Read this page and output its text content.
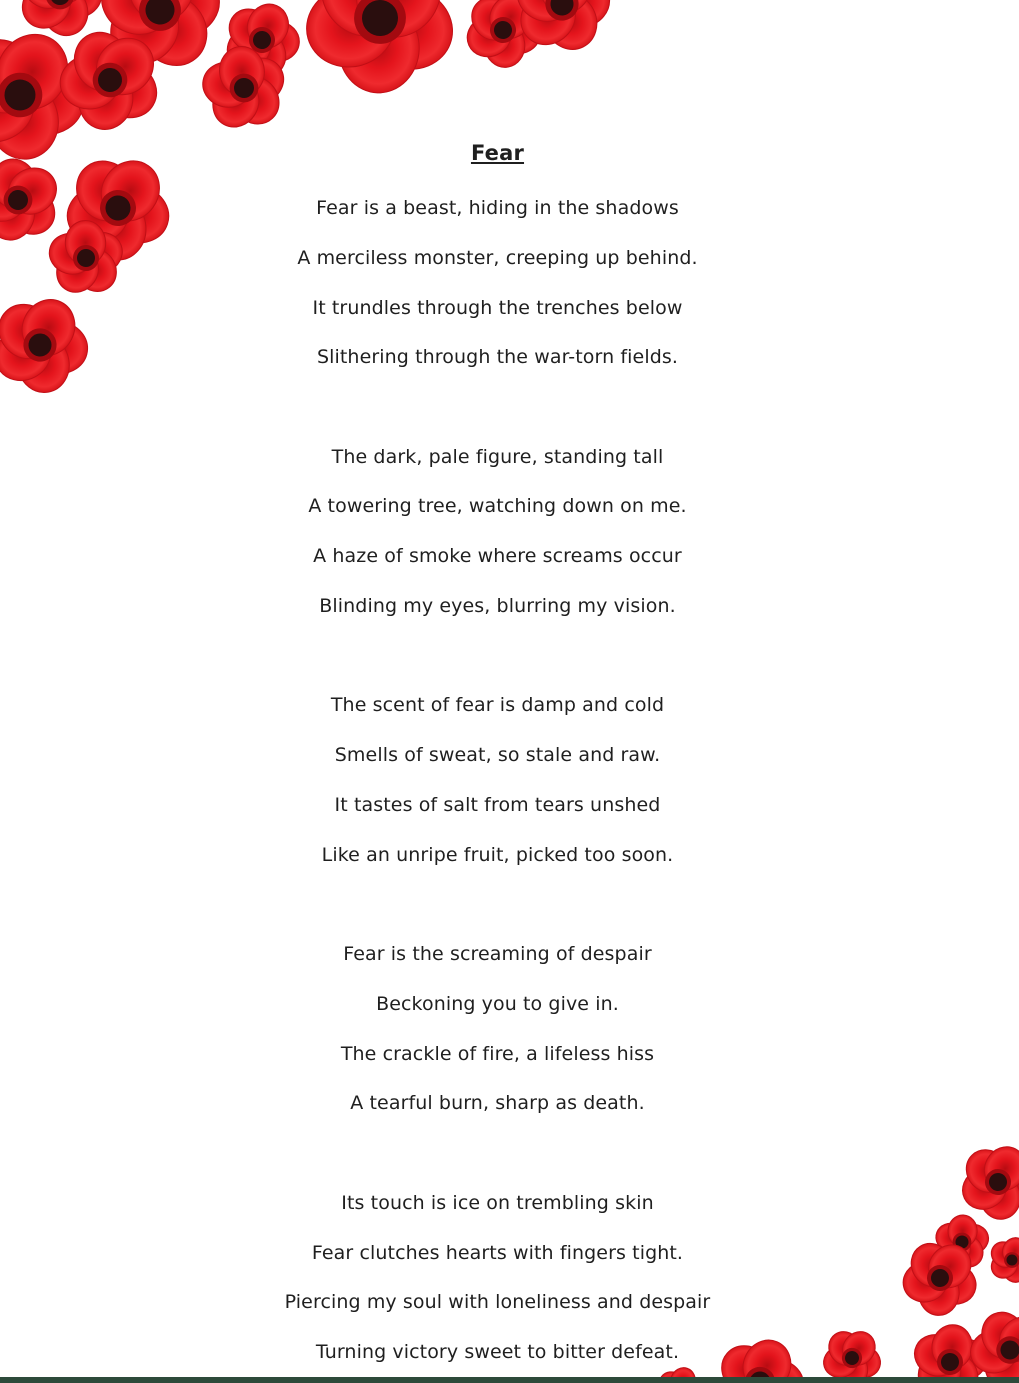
Fear
Fear is a beast, hiding in the shadows
A merciless monster, creeping up behind.
It trundles through the trenches below
Slithering through the war-torn fields.
The dark, pale figure, standing tall
A towering tree, watching down on me.
A haze of smoke where screams occur
Blinding my eyes, blurring my vision.
The scent of fear is damp and cold
Smells of sweat, so stale and raw.
It tastes of salt from tears unshed
Like an unripe fruit, picked too soon.
Fear is the screaming of despair
Beckoning you to give in.
The crackle of fire, a lifeless hiss
A tearful burn, sharp as death.
Its touch is ice on trembling skin
Fear clutches hearts with fingers tight.
Piercing my soul with loneliness and despair
Turning victory sweet to bitter defeat.
